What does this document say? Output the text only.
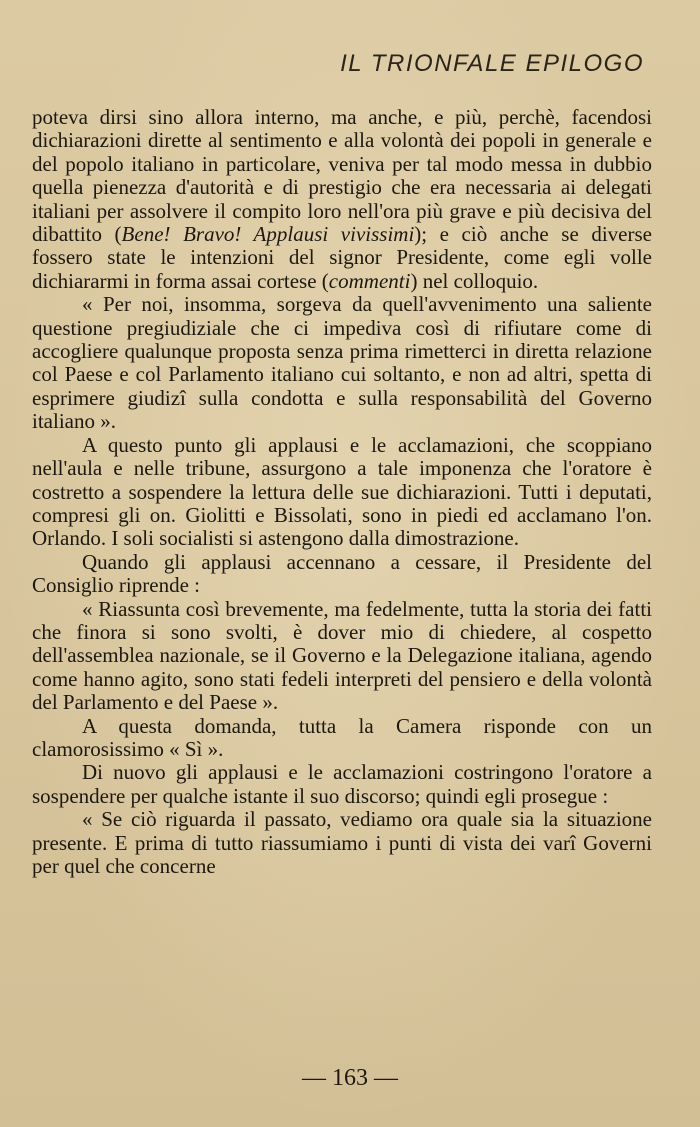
IL TRIONFALE EPILOGO

poteva dirsi sino allora interno, ma anche, e più, perchè, facendosi dichiarazioni dirette al sentimento e alla volontà dei popoli in generale e del popolo italiano in particolare, veniva per tal modo messa in dubbio quella pienezza d'autorità e di prestigio che era necessaria ai delegati italiani per assolvere il compito loro nell'ora più grave e più decisiva del dibattito (Bene! Bravo! Applausi vivissimi); e ciò anche se diverse fossero state le intenzioni del signor Presidente, come egli volle dichiararmi in forma assai cortese (commenti) nel colloquio.

« Per noi, insomma, sorgeva da quell'avvenimento una saliente questione pregiudiziale che ci impediva così di rifiutare come di accogliere qualunque proposta senza prima rimetterci in diretta relazione col Paese e col Parlamento italiano cui soltanto, e non ad altri, spetta di esprimere giudizî sulla condotta e sulla responsabilità del Governo italiano ».

A questo punto gli applausi e le acclamazioni, che scoppiano nell'aula e nelle tribune, assurgono a tale imponenza che l'oratore è costretto a sospendere la lettura delle sue dichiarazioni. Tutti i deputati, compresi gli on. Giolitti e Bissolati, sono in piedi ed acclamano l'on. Orlando. I soli socialisti si astengono dalla dimostrazione.

Quando gli applausi accennano a cessare, il Presidente del Consiglio riprende :

« Riassunta così brevemente, ma fedelmente, tutta la storia dei fatti che finora si sono svolti, è dover mio di chiedere, al cospetto dell'assemblea nazionale, se il Governo e la Delegazione italiana, agendo come hanno agito, sono stati fedeli interpreti del pensiero e della volontà del Parlamento e del Paese ».

A questa domanda, tutta la Camera risponde con un clamorosissimo « Sì ».

Di nuovo gli applausi e le acclamazioni costringono l'oratore a sospendere per qualche istante il suo discorso; quindi egli prosegue :

« Se ciò riguarda il passato, vediamo ora quale sia la situazione presente. E prima di tutto riassumiamo i punti di vista dei varî Governi per quel che concerne

— 163 —
